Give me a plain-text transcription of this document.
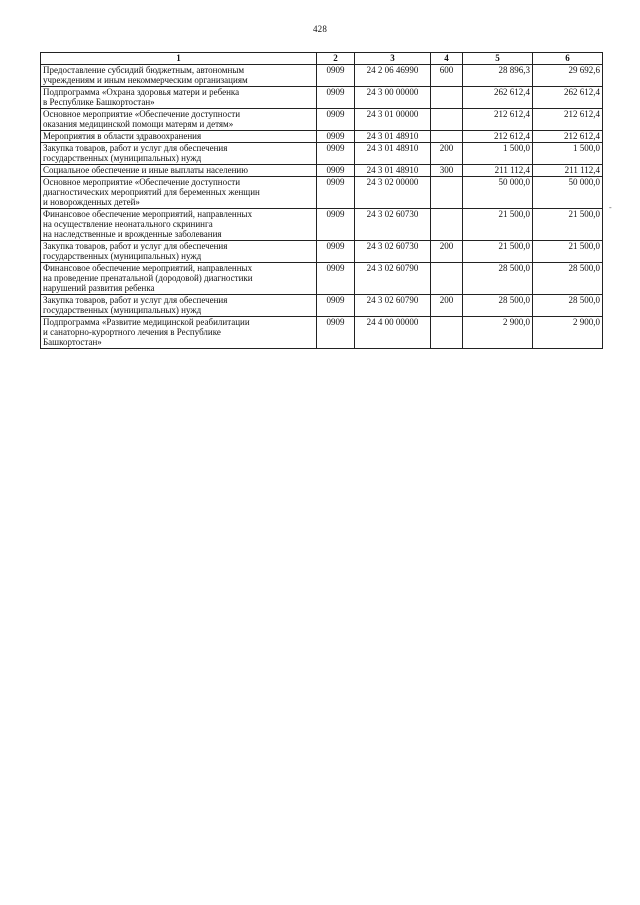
428
1	2	3	4	5	6
Предоставление субсидий бюджетным, автономным
учреждениям и иным некоммерческим организациям	0909	24 2 06 46990	600	28 896,3	29 692,6
Подпрограмма «Охрана здоровья матери и ребенка
в Республике Башкортостан»	0909	24 3 00 00000		262 612,4	262 612,4
Основное мероприятие «Обеспечение доступности
оказания медицинской помощи матерям и детям»	0909	24 3 01 00000		212 612,4	212 612,4
Мероприятия в области здравоохранения	0909	24 3 01 48910		212 612,4	212 612,4
Закупка товаров, работ и услуг для обеспечения
государственных (муниципальных) нужд	0909	24 3 01 48910	200	1 500,0	1 500,0
Социальное обеспечение и иные выплаты населению	0909	24 3 01 48910	300	211 112,4	211 112,4
Основное мероприятие «Обеспечение доступности
диагностических мероприятий для беременных женщин
и новорожденных детей»	0909	24 3 02 00000		50 000,0	50 000,0
Финансовое обеспечение мероприятий, направленных
на осуществление неонатального скрининга
на наследственные и врожденные заболевания	0909	24 3 02 60730		21 500,0	21 500,0
Закупка товаров, работ и услуг для обеспечения
государственных (муниципальных) нужд	0909	24 3 02 60730	200	21 500,0	21 500,0
Финансовое обеспечение мероприятий, направленных
на проведение пренатальной (дородовой) диагностики
нарушений развития ребенка	0909	24 3 02 60790		28 500,0	28 500,0
Закупка товаров, работ и услуг для обеспечения
государственных (муниципальных) нужд	0909	24 3 02 60790	200	28 500,0	28 500,0
Подпрограмма «Развитие медицинской реабилитации
и санаторно-курортного лечения в Республике
Башкортостан»	0909	24 4 00 00000		2 900,0	2 900,0
-
